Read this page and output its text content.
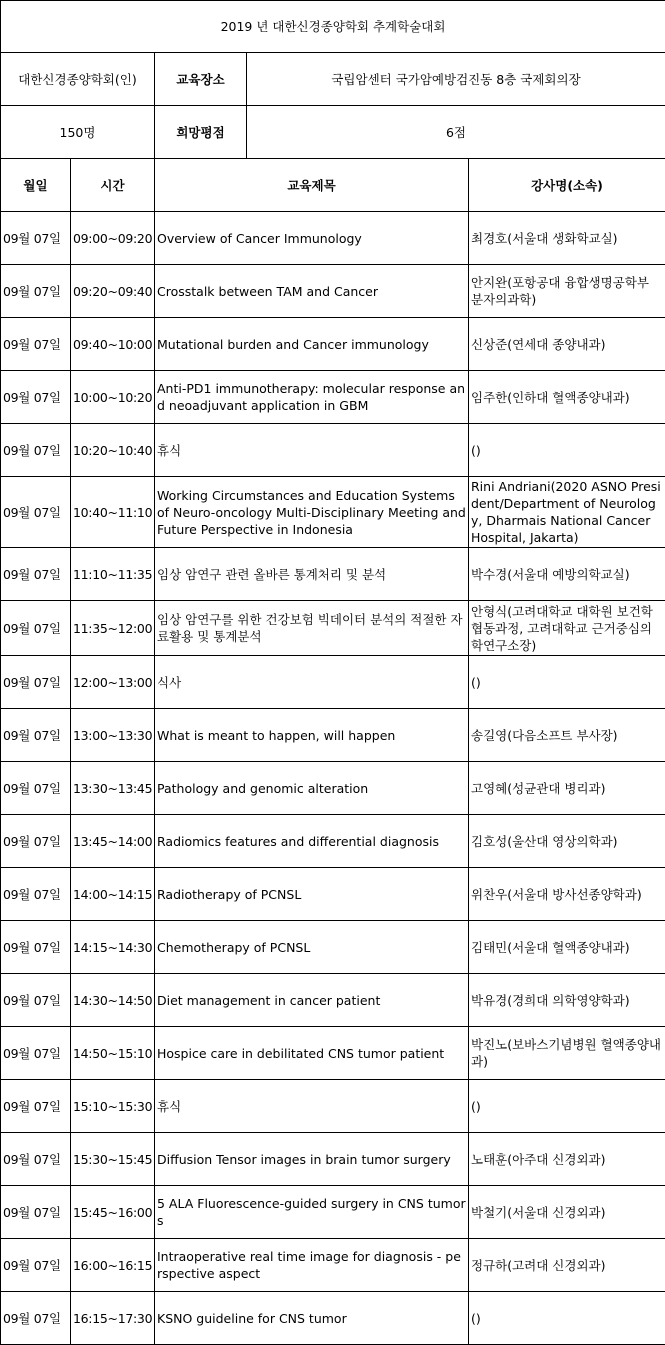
2019 년 대한신경종양학회 추계학술대회				
대한신경종양학회(인)		교육장소	국립암센터 국가암예방검진동 8층 국제회의장	
150명		희망평점	6점	
월일	시간	교육제목		강사명(소속)
09월 07일	09:00~09:20	Overview of Cancer Immunology		최경호(서울대 생화학교실)
09월 07일	09:20~09:40	Crosstalk between TAM and Cancer		안지완(포항공대 융합생명공학부 분자의과학)
09월 07일	09:40~10:00	Mutational burden and Cancer immunology		신상준(연세대 종양내과)
09월 07일	10:00~10:20	Anti-PD1 immunotherapy: molecular response and neoadjuvant application in GBM		임주한(인하대 혈액종양내과)
09월 07일	10:20~10:40	휴식		()
09월 07일	10:40~11:10	Working Circumstances and Education Systems of Neuro-oncology Multi-Disciplinary Meeting and Future Perspective in Indonesia		Rini Andriani(2020 ASNO President/Department of Neurology, Dharmais National Cancer Hospital, Jakarta)
09월 07일	11:10~11:35	임상 암연구 관련 올바른 통계처리 및 분석		박수경(서울대 예방의학교실)
09월 07일	11:35~12:00	임상 암연구를 위한 건강보험 빅데이터 분석의 적절한 자료활용 및 통계분석		안형식(고려대학교 대학원 보건학 협동과정, 고려대학교 근거중심의학연구소장)
09월 07일	12:00~13:00	식사		()
09월 07일	13:00~13:30	What is meant to happen, will happen		송길영(다음소프트 부사장)
09월 07일	13:30~13:45	Pathology and genomic alteration		고영혜(성균관대 병리과)
09월 07일	13:45~14:00	Radiomics features and differential diagnosis		김호성(울산대 영상의학과)
09월 07일	14:00~14:15	Radiotherapy of PCNSL		위찬우(서울대 방사선종양학과)
09월 07일	14:15~14:30	Chemotherapy of PCNSL		김태민(서울대 혈액종양내과)
09월 07일	14:30~14:50	Diet management in cancer patient		박유경(경희대 의학영양학과)
09월 07일	14:50~15:10	Hospice care in debilitated CNS tumor patient		박진노(보바스기념병원 혈액종양내과)
09월 07일	15:10~15:30	휴식		()
09월 07일	15:30~15:45	Diffusion Tensor images in brain tumor surgery		노태훈(아주대 신경외과)
09월 07일	15:45~16:00	5 ALA Fluorescence-guided surgery in CNS tumors		박철기(서울대 신경외과)
09월 07일	16:00~16:15	Intraoperative real time image for diagnosis - perspective aspect		정규하(고려대 신경외과)
09월 07일	16:15~17:30	KSNO guideline for CNS tumor		()
